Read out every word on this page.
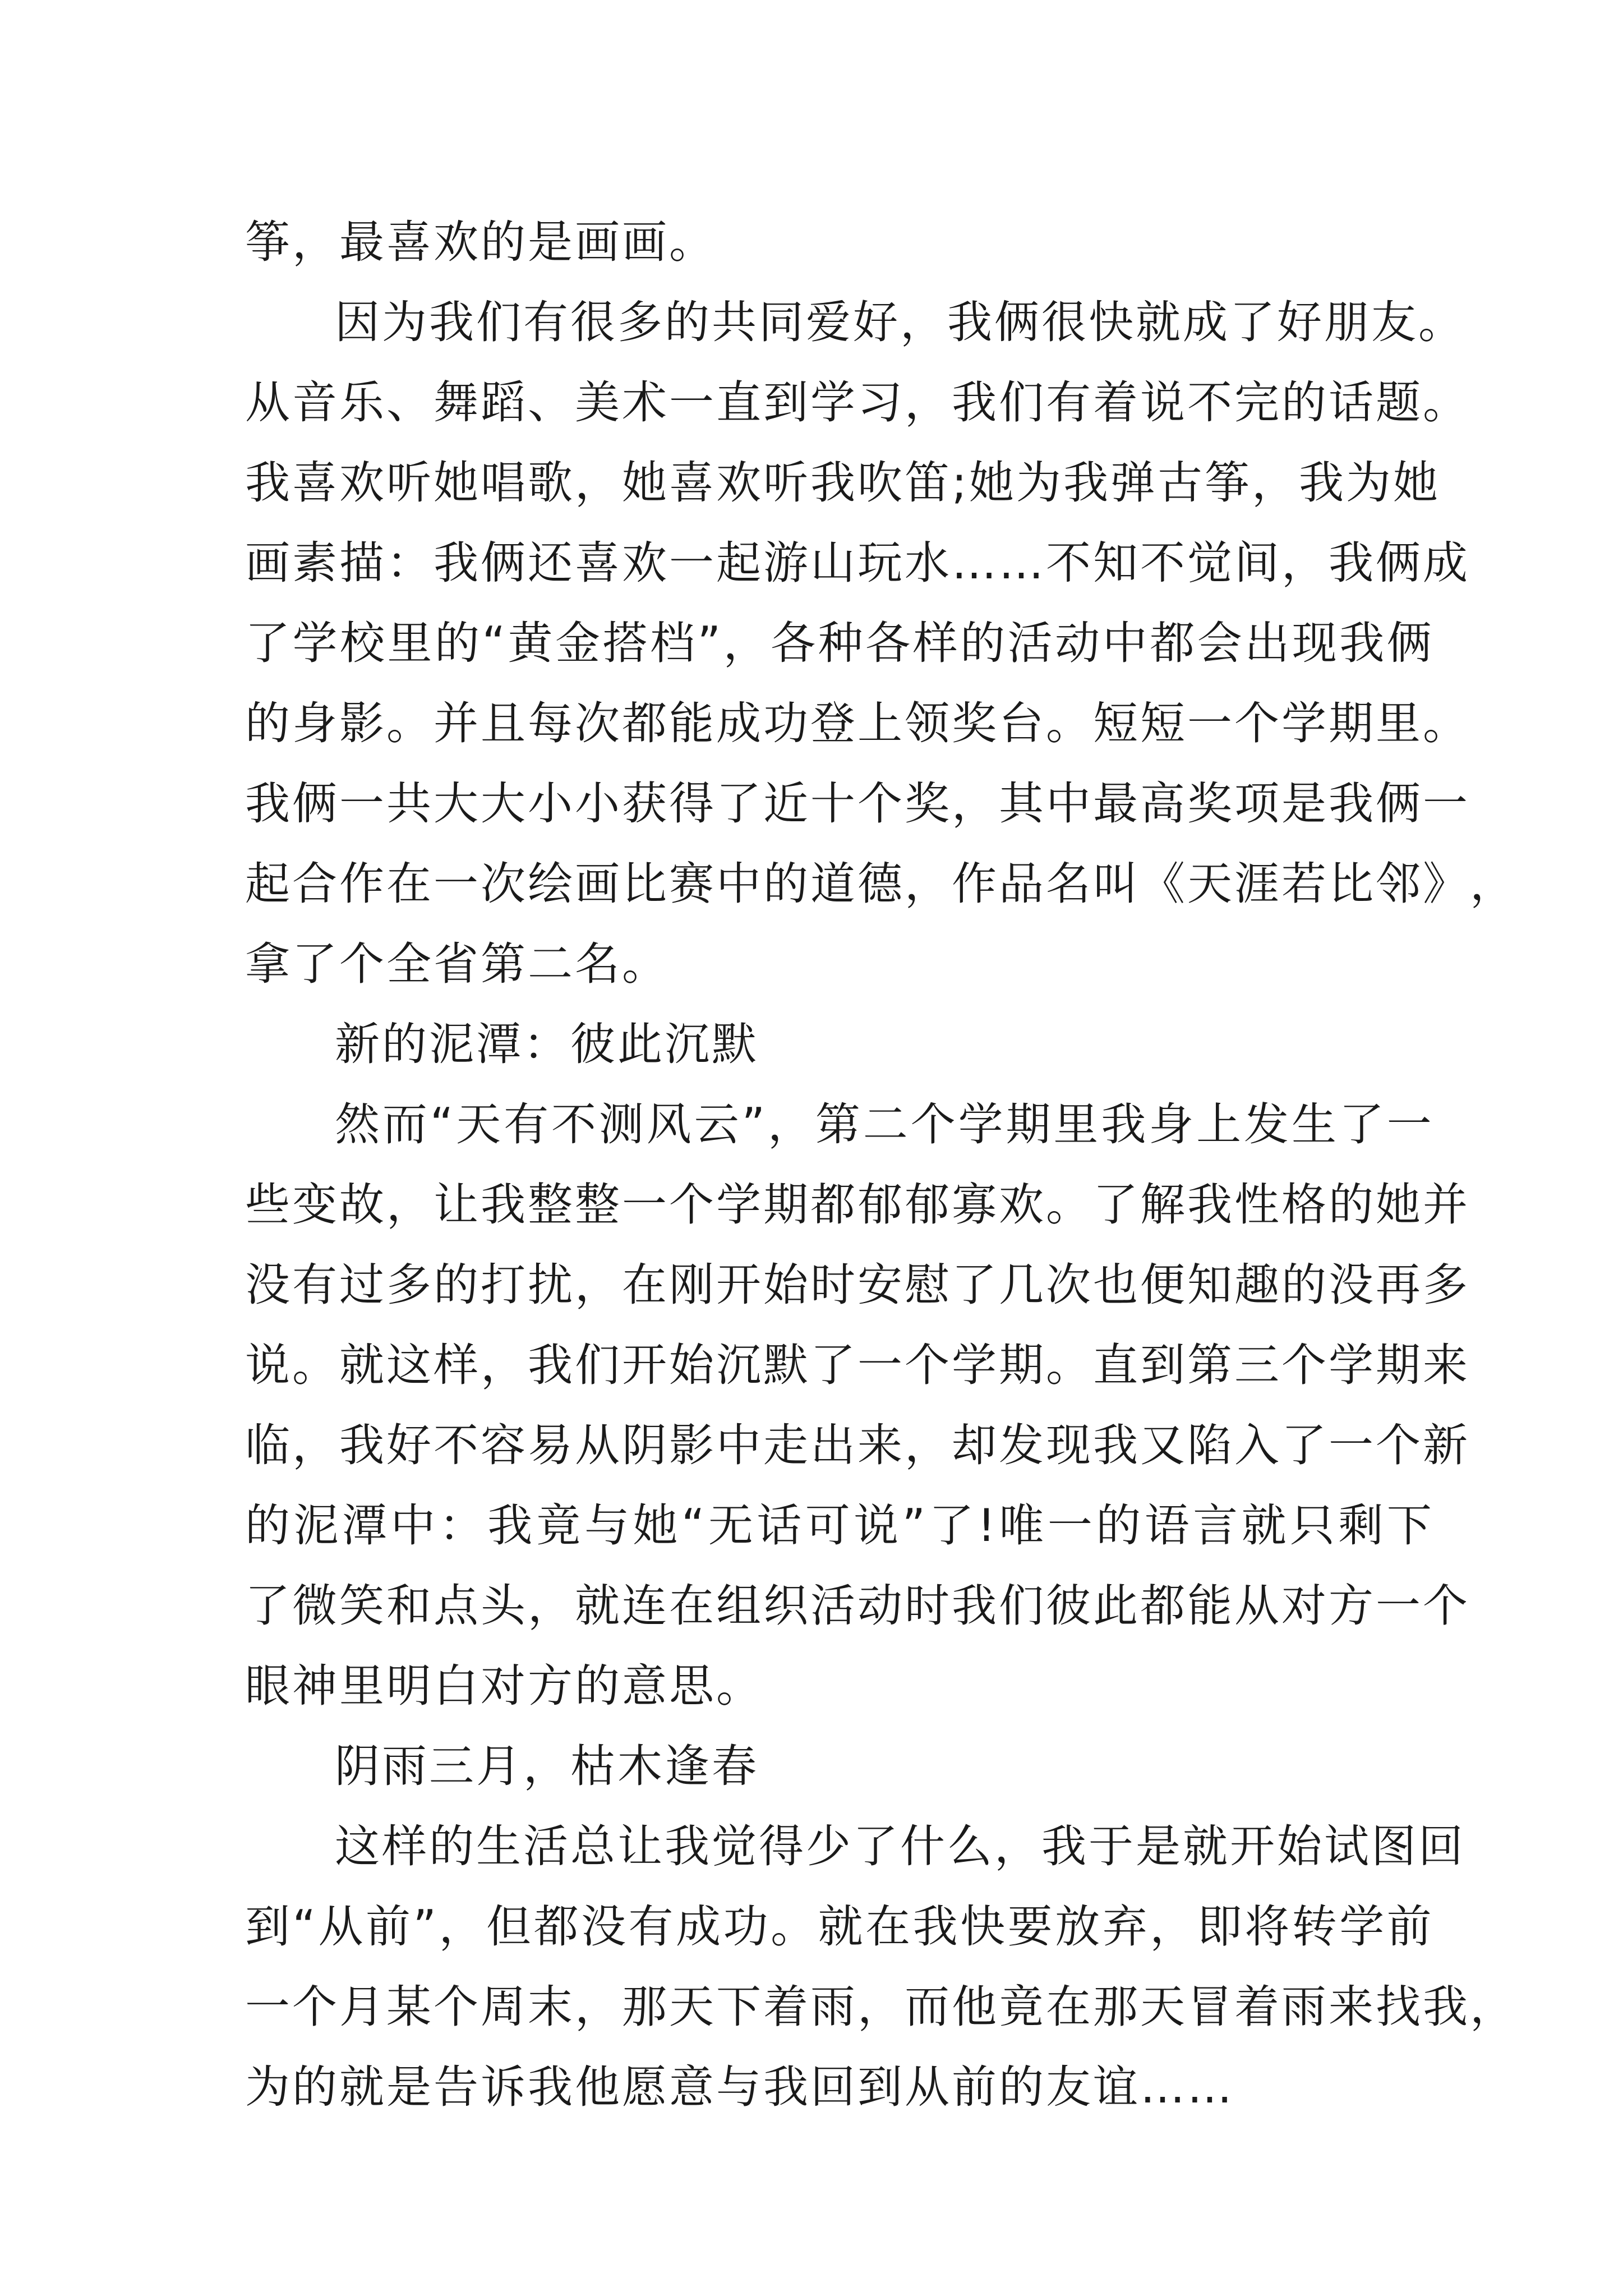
筝，最喜欢的是画画。
因 为 我 们 有 很 多 的 共 同 爱 好 ， 我 俩 很 快 就 成 了 好 朋 友 。
从 音 乐 、 舞 蹈 、 美 术 一 直 到 学 习 ， 我 们 有 着 说 不 完 的 话 题 。
我 喜 欢 听 她 唱 歌 ， 她 喜 欢 听 我 吹 笛 ; 她 为 我 弹 古 筝 ， 我 为 她
画 素 描 ： 我 俩 还 喜 欢 一 起 游 山 玩 水 … … 不 知 不 觉 间 ， 我 俩 成
了 学 校 里 的 “ 黄 金 搭 档 ” ， 各 种 各 样 的 活 动 中 都 会 出 现 我 俩
的 身 影 。 并 且 每 次 都 能 成 功 登 上 领 奖 台 。 短 短 一 个 学 期 里 。
我 俩 一 共 大 大 小 小 获 得 了 近 十 个 奖 ， 其 中 最 高 奖 项 是 我 俩 一
起 合 作 在 一 次 绘 画 比 赛 中 的 道 德 ， 作 品 名 叫 《 天 涯 若 比 邻 》 ，
拿了个全省第二名。
新的泥潭：彼此沉默
然 而 “ 天 有 不 测 风 云 ” ， 第 二 个 学 期 里 我 身 上 发 生 了 一
些 变 故 ， 让 我 整 整 一 个 学 期 都 郁 郁 寡 欢 。 了 解 我 性 格 的 她 并
没 有 过 多 的 打 扰 ， 在 刚 开 始 时 安 慰 了 几 次 也 便 知 趣 的 没 再 多
说 。 就 这 样 ， 我 们 开 始 沉 默 了 一 个 学 期 。 直 到 第 三 个 学 期 来
临 ， 我 好 不 容 易 从 阴 影 中 走 出 来 ， 却 发 现 我 又 陷 入 了 一 个 新
的 泥 潭 中 ： 我 竟 与 她 “ 无 话 可 说 ” 了 ! 唯 一 的 语 言 就 只 剩 下
了 微 笑 和 点 头 ， 就 连 在 组 织 活 动 时 我 们 彼 此 都 能 从 对 方 一 个
眼神里明白对方的意思。
阴雨三月，枯木逢春
这 样 的 生 活 总 让 我 觉 得 少 了 什 么 ， 我 于 是 就 开 始 试 图 回
到 “ 从 前 ” ， 但 都 没 有 成 功 。 就 在 我 快 要 放 弃 ， 即 将 转 学 前
一 个 月 某 个 周 末 ， 那 天 下 着 雨 ， 而 他 竟 在 那 天 冒 着 雨 来 找 我 ，
为的就是告诉我他愿意与我回到从前的友谊……
